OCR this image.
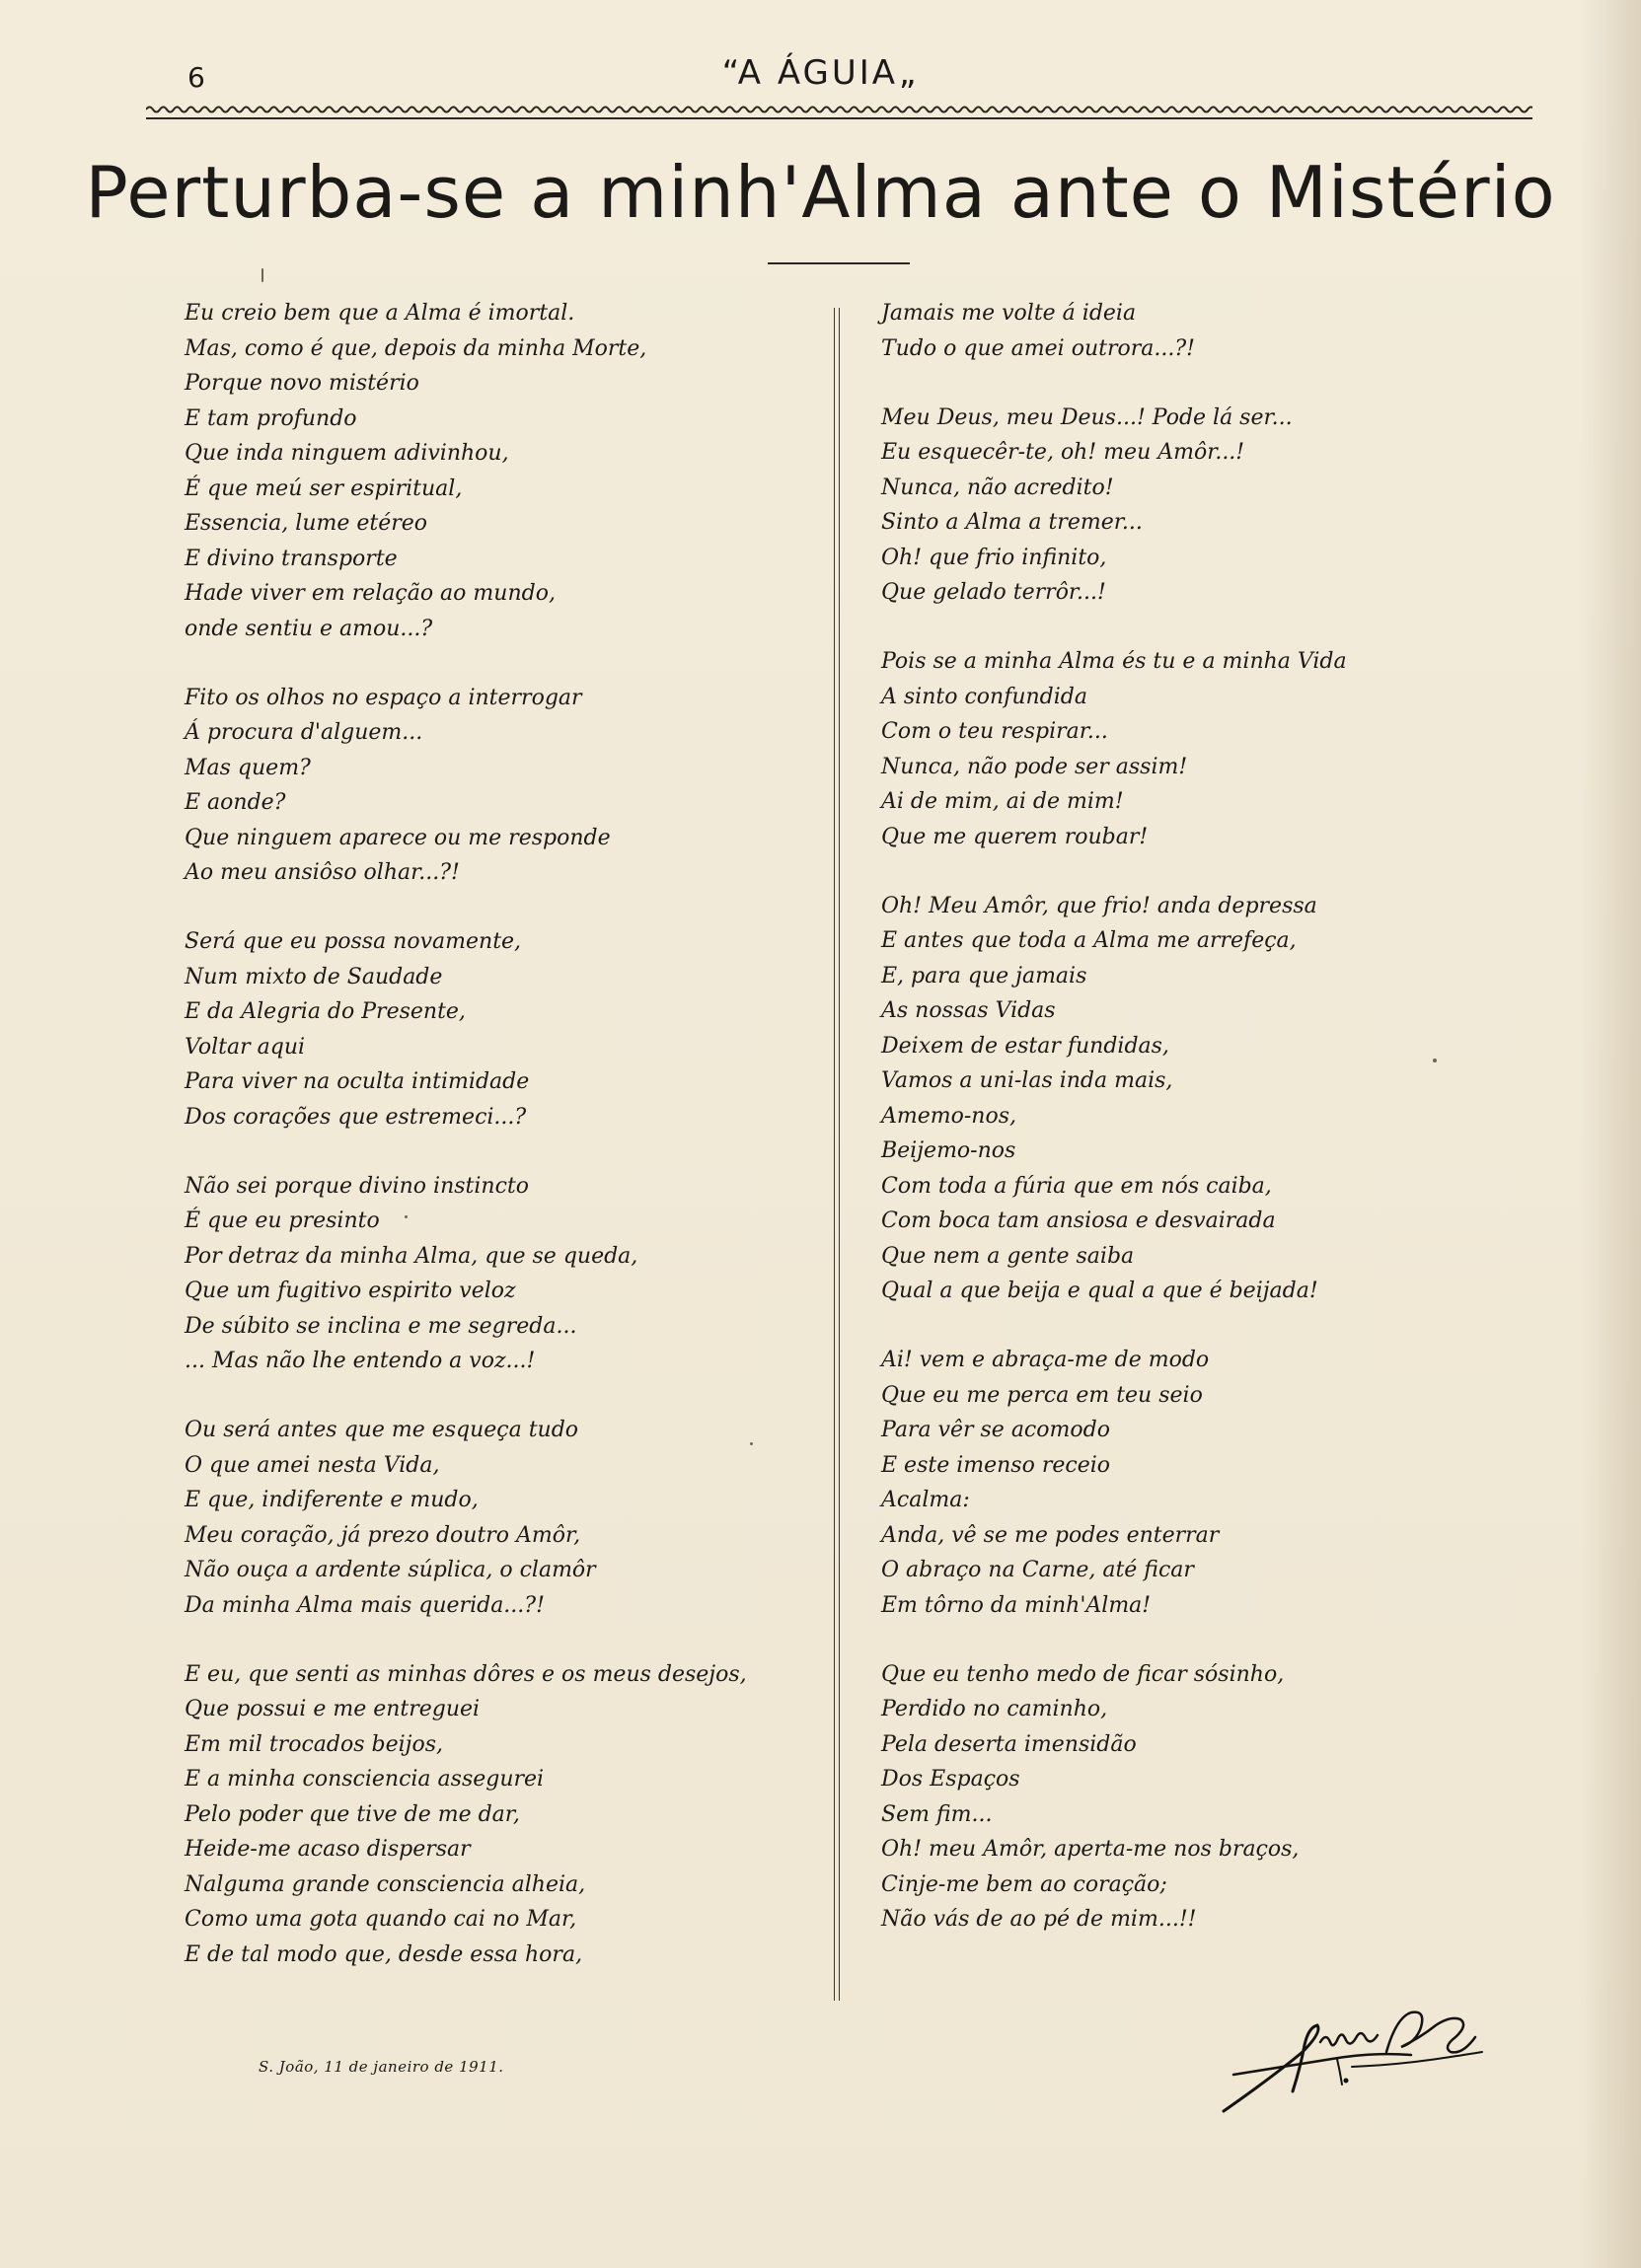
6	“A ÁGUIA„
Perturba-se a minh'Alma ante o Mistério
Eu creio bem que a Alma é imortal.
Mas, como é que, depois da minha Morte,
Porque novo mistério
E tam profundo
Que inda ninguem adivinhou,
É que meú ser espiritual,
Essencia, lume etéreo
E divino transporte
Hade viver em relação ao mundo,
onde sentiu e amou...?
Fito os olhos no espaço a interrogar
Á procura d'alguem...
Mas quem?
E aonde?
Que ninguem aparece ou me responde
Ao meu ansiôso olhar...?!
Será que eu possa novamente,
Num mixto de Saudade
E da Alegria do Presente,
Voltar aqui
Para viver na oculta intimidade
Dos corações que estremeci...?
Não sei porque divino instincto
É que eu presinto
Por detraz da minha Alma, que se queda,
Que um fugitivo espirito veloz
De súbito se inclina e me segreda...
... Mas não lhe entendo a voz...!
Ou será antes que me esqueça tudo
O que amei nesta Vida,
E que, indiferente e mudo,
Meu coração, já prezo doutro Amôr,
Não ouça a ardente súplica, o clamôr
Da minha Alma mais querida...?!
E eu, que senti as minhas dôres e os meus desejos,
Que possui e me entreguei
Em mil trocados beijos,
E a minha consciencia assegurei
Pelo poder que tive de me dar,
Heide-me acaso dispersar
Nalguma grande consciencia alheia,
Como uma gota quando cai no Mar,
E de tal modo que, desde essa hora,
Jamais me volte á ideia
Tudo o que amei outrora...?!
Meu Deus, meu Deus...! Pode lá ser...
Eu esquecêr-te, oh! meu Amôr...!
Nunca, não acredito!
Sinto a Alma a tremer...
Oh! que frio infinito,
Que gelado terrôr...!
Pois se a minha Alma és tu e a minha Vida
A sinto confundida
Com o teu respirar...
Nunca, não pode ser assim!
Ai de mim, ai de mim!
Que me querem roubar!
Oh! Meu Amôr, que frio! anda depressa
E antes que toda a Alma me arrefeça,
E, para que jamais
As nossas Vidas
Deixem de estar fundidas,
Vamos a uni-las inda mais,
Amemo-nos,
Beijemo-nos
Com toda a fúria que em nós caiba,
Com boca tam ansiosa e desvairada
Que nem a gente saiba
Qual a que beija e qual a que é beijada!
Ai! vem e abraça-me de modo
Que eu me perca em teu seio
Para vêr se acomodo
E este imenso receio
Acalma:
Anda, vê se me podes enterrar
O abraço na Carne, até ficar
Em tôrno da minh'Alma!
Que eu tenho medo de ficar sósinho,
Perdido no caminho,
Pela deserta imensidão
Dos Espaços
Sem fim...
Oh! meu Amôr, aperta-me nos braços,
Cinje-me bem ao coração;
Não vás de ao pé de mim...!!
S. João, 11 de janeiro de 1911.
